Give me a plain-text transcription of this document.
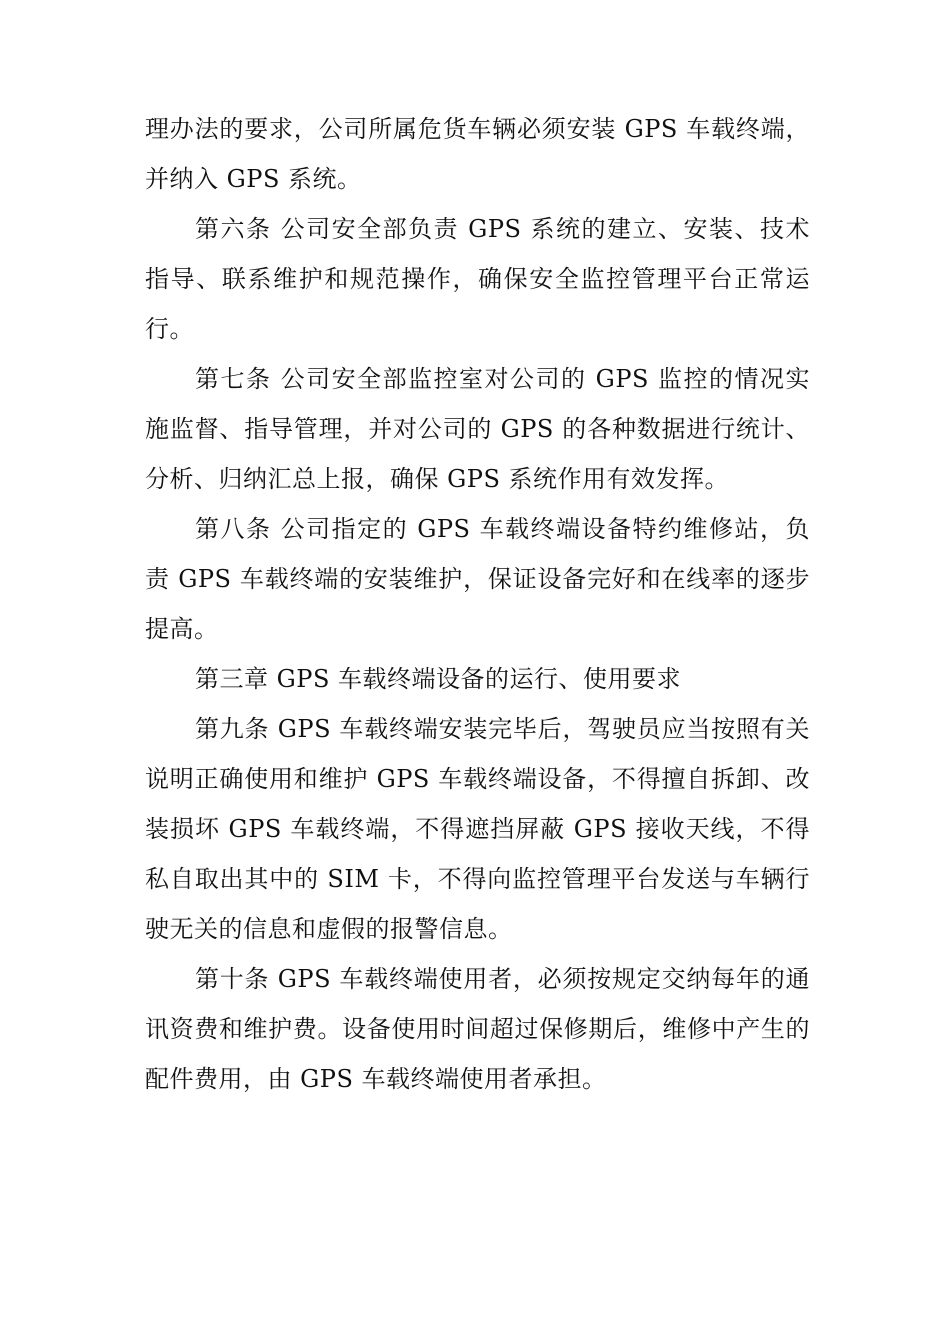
理办法的要求，公司所属危货车辆必须安装 GPS 车载终端，并纳入 GPS 系统。

第六条 公司安全部负责 GPS 系统的建立、安装、技术指导、联系维护和规范操作，确保安全监控管理平台正常运行。

第七条 公司安全部监控室对公司的 GPS 监控的情况实施监督、指导管理，并对公司的 GPS 的各种数据进行统计、分析、归纳汇总上报，确保 GPS 系统作用有效发挥。

第八条 公司指定的 GPS 车载终端设备特约维修站，负责 GPS 车载终端的安装维护，保证设备完好和在线率的逐步提高。

第三章 GPS 车载终端设备的运行、使用要求

第九条 GPS 车载终端安装完毕后，驾驶员应当按照有关说明正确使用和维护 GPS 车载终端设备，不得擅自拆卸、改装损坏 GPS 车载终端，不得遮挡屏蔽 GPS 接收天线，不得私自取出其中的 SIM 卡，不得向监控管理平台发送与车辆行驶无关的信息和虚假的报警信息。

第十条 GPS 车载终端使用者，必须按规定交纳每年的通讯资费和维护费。设备使用时间超过保修期后，维修中产生的配件费用，由 GPS 车载终端使用者承担。
